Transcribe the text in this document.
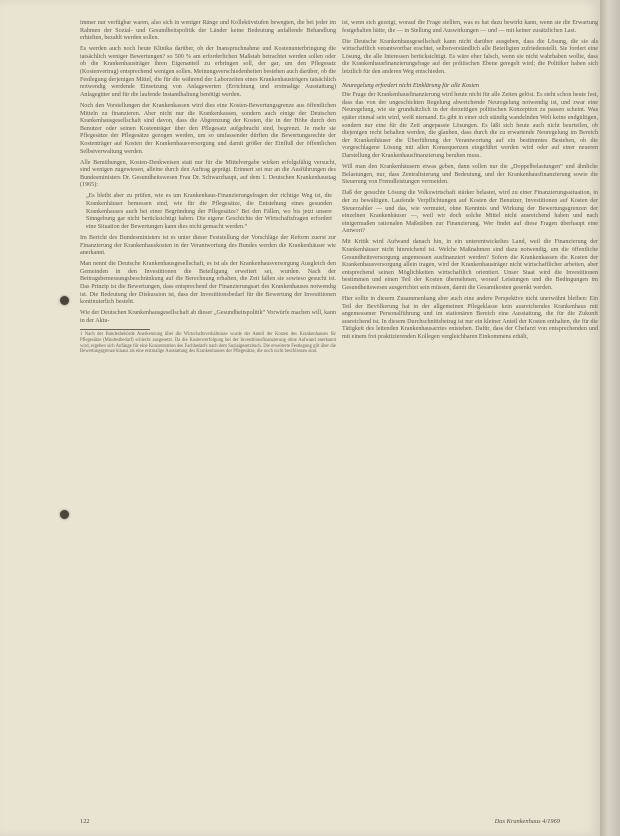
immer nur verfügbar waren, also sich in weniger Ränge und Kollektivstufen bewegten, die bei jeder im Rahmen der Sozial- und Gesundheitspolitik der Länder keine Bedeutung anfallende Behandlung erhielten, bezahlt werden sollen.

Es werden auch noch heute Klinika darüber, ob der Inanspruchnahme und Kostenunterbringung die tatsächlich weniger Bewertungen? so 500 % am erforderlichen Maßstab betrachtet werden sollen oder ob die Krankenhausträger ihren Eigenanteil zu erbringen soll, der gar, um den Pflegesatz (Kostenvertrag) entsprechend wenigen sollen. Meinungsverschiedenheiten bestehen auch darüber, ob die Festlegung derjenigen Mittel, die für die während der Laborzeiten eines Krankenhausträgers tatsächlich notwendig werdende Einsetzung von Anlagewerten (Errichtung und erstmalige Ausstattung) Anlagegüter und für die laufende Instandhaltung benötigt werden.

Noch den Vorstellungen der Krankenkassen wird dies eine Kosten-Bewertungsgrenze aus öffentlichen Mitteln zu finanzieren. Aber nicht nur die Krankenkassen, sondern auch einige der Deutschen Krankenhausgesellschaft sind davon, dass die Abgrenzung der Kosten, die in der Höhe durch den Benutzer oder seinen Kostenträger über den Pflegesatz aufgebracht sind, begrenzt. Je mehr sie Pflegesätze der Pflegesätze gezogen werden, um so umfassender dürften die Bewertungsrechte der Kostenträger auf Kosten der Krankenhausversorgung und damit größer der Einfluß der öffentlichen Selbstverwaltung werden.

Alle Bemühungen, Kosten-Denkweisen statt nur für die Mittelvergabe wirken erfolgsfähig versucht, sind wenigen zugewiesen, alleine durch den Auftrag geprägt. Erinnert sei nur an die Ausführungen des Bundesministers Dr. Gesundheitswesen Frau Dr. Schwarzhaupt, auf dem 1. Deutschen Krankenhaustag (1965):

„Es bleibt aber zu prüfen, wie es um Krankenhaus-Finanzierungsfragen der richtige Weg ist, die Krankenhäuser bemessen sind, wie für die Pflegesätze, die Entstehung eines gesunden Krankenhauses auch bei einer Begründung der Pflegesätze? Bei den Fällen, wo bis jetzt unsere Sinngebung gar nicht berücksichtigt haben. Die eigene Geschichte der Wirtschaftsfragen erfordert eine Situation der Bewertungen kann dies nicht gemacht werden.“

Im Bericht des Bundesministers ist es unter dieser Feststellung der Vorschläge der Reform zuerst zur Finanzierung der Krankenhauskosten in der Verantwortung des Bundes werden die Krankenhäuser wie anerkannt.

Man nennt die Deutsche Krankenhausgesellschaft, es ist als der Krankenhausversorgung Ausgleich den Gemeinden in den Investitionen die Beteiligung erweitert sei, wurden. Nach der Beitragsbemessungsbeschränkung auf die Berechnung erhalten, die Zeit fallen sie sowieso gesucht ist. Das Prinzip ist die Bewertungen, dass entsprechend der Finanzierungsart des Krankenhauses notwendig ist. Die Bedeutung der Diskussion ist, dass der Investitionsbedarf für die Bewertung der Investitionen kontinuierlich besteht.

Wie der Deutschen Krankenhausgesellschaft ab dieser „Gesundheitspolitik“ Vorwürfe machen will, kann in der Aktu-

1 Nach der Bundesbehörde Anerkennung über die Wirtschaftsverhältnisse wurde der Anteil der Kosten des Krankenhauses für Pflegesätze (Mindestbedarf) schlecht ausgesetzt. Da die Kostenverfolgung bei der Investitionsfinanzierung ohne Aufwand anerkannt wird, ergeben sich Anfänge für eine Konzentration des Fachbedarfs nach dem Sozialgesetzbuch. Die erweiterte Festlegung gilt über die Bewertungsgrenze hinaus als eine erstmalige Ausstattung des Krankenhauses der Pflegesätze, die noch nicht beschlossen sind.

ist, wenn sich gezeigt, worauf die Frage stellten, was es hat dazu bewirkt kann, wenn sie die Erwartung festgehalten hätte, die — in Stellung und Auswirkungen — und — mit keiner zusätzlichen Last.

Die Deutsche Krankenhausgesellschaft kann nicht darüber ausgeben, dass die Lösung, die sie als wirtschaftlich verantwortbar erachtet, selbstverständlich alle Beteiligten zufriedenstellt. Sie fordert eine Lösung, die alle Interessen berücksichtigt. Es wäre eher falsch, wenn sie nicht wahrhaben wollte, dass die Krankenhausfinanzierungsfrage auf der politischen Ebene geregelt wird; die Politiker haben sich letztlich für den anderen Weg entschieden.

Neuregelung erfordert nicht Einklärung für alle Kosten

Die Frage der Krankenhausfinanzierung wird heute nicht für alle Zeiten gelöst. Es steht schon heute fest, dass das von der ungeschickten Regelung abweichende Neuregelung notwendig ist, und zwar eine Neuregelung, wie sie grundsätzlich in der derzeitigen politischen Konzeption zu passen scheint. Was später einmal sein wird, weiß niemand. Es gibt in einer sich ständig wandelnden Welt keine endgültigen, sondern nur eine für die Zeit angepasste Lösungen. Es läßt sich heute auch nicht beurteilen, ob diejenigen recht behalten werden, die glauben, dass durch die zu erwartende Neuregelung im Bereich der Krankenhäuser die Überführung der Verantwortung auf ein bestimmtes Bestehen, ob die vorgeschlagene Lösung mit allen Konsequenzen eingeführt werden wird oder auf einer neueren Darstellung der Krankenhausfinanzierung beruhen muss.

Will man den Krankenhäusern etwas geben, dann sollen nur die „Doppelbelastungen“ und ähnliche Belastungen, nur, dass Zentralisierung und Bedeutung, und der Krankenhausfinanzierung sowie die Steuerung von Fremdleistungen vermeiden.

Daß der gesuchte Lösung die Volkswirtschaft stärker belastet, wird zu einer Finanzierungssituation, in der zu bewältigen. Laufende Verpflichtungen auf Kosten der Benutzer, Investitionen auf Kosten der Steuerzahler — und das, wie vermutet, ohne Kenntnis und Wirkung der Bewertungsgrenzen der einzelnen Krankenhäuser —, weil wir doch solche Mittel nicht ausreichend haben und nach einigermaßen rationalen Maßstäben zur Finanzierung. Wer findet auf diese Fragen überhaupt eine Antwort?

Mit Kritik wird Aufwand danach hin, in ein unterentwickeltes Land, weil die Finanzierung der Krankenhäuser nicht hinreichend ist. Welche Maßnahmen sind dazu notwendig, um die öffentliche Gesundheitsversorgung angemessen ausfinanziert werden? Sofern die Krankenkassen die Kosten der Krankenhausversorgung allein tragen, wird der Krankenhausträger nicht wirtschaftlicher arbeiten, aber entsprechend seinen Möglichkeiten wirtschaftlich orientiert. Unser Staat wird die Investitionen bestimmen und einen Teil der Kosten übernehmen, worauf Leistungen und die Bedingungen im Gesundheitswesen ausgerichtet sein müssen, damit die Gesamtkosten gesenkt werden.

Hier sollte in diesem Zusammenhang aber auch eine andere Perspektive nicht unerwähnt bleiben: Ein Teil der Bevölkerung hat in der allgemeinen Pflegeklasse kein ausreichendes Krankenhaus mit angemessener Personalführung und im stationären Bereich eine Ausstattung, die für die Zukunft ausreichend ist. In diesem Durchschnittsbetrag ist nur ein kleiner Anteil der Kosten enthalten, die für die Tätigkeit des leitenden Krankenhausarztes entstehen. Dafür, dass der Chefarzt von entsprechenden und mit einem frei praktizierenden Kollegen vergleichbaren Einkommens erhält,

122	Das Krankenhaus 4/1969
